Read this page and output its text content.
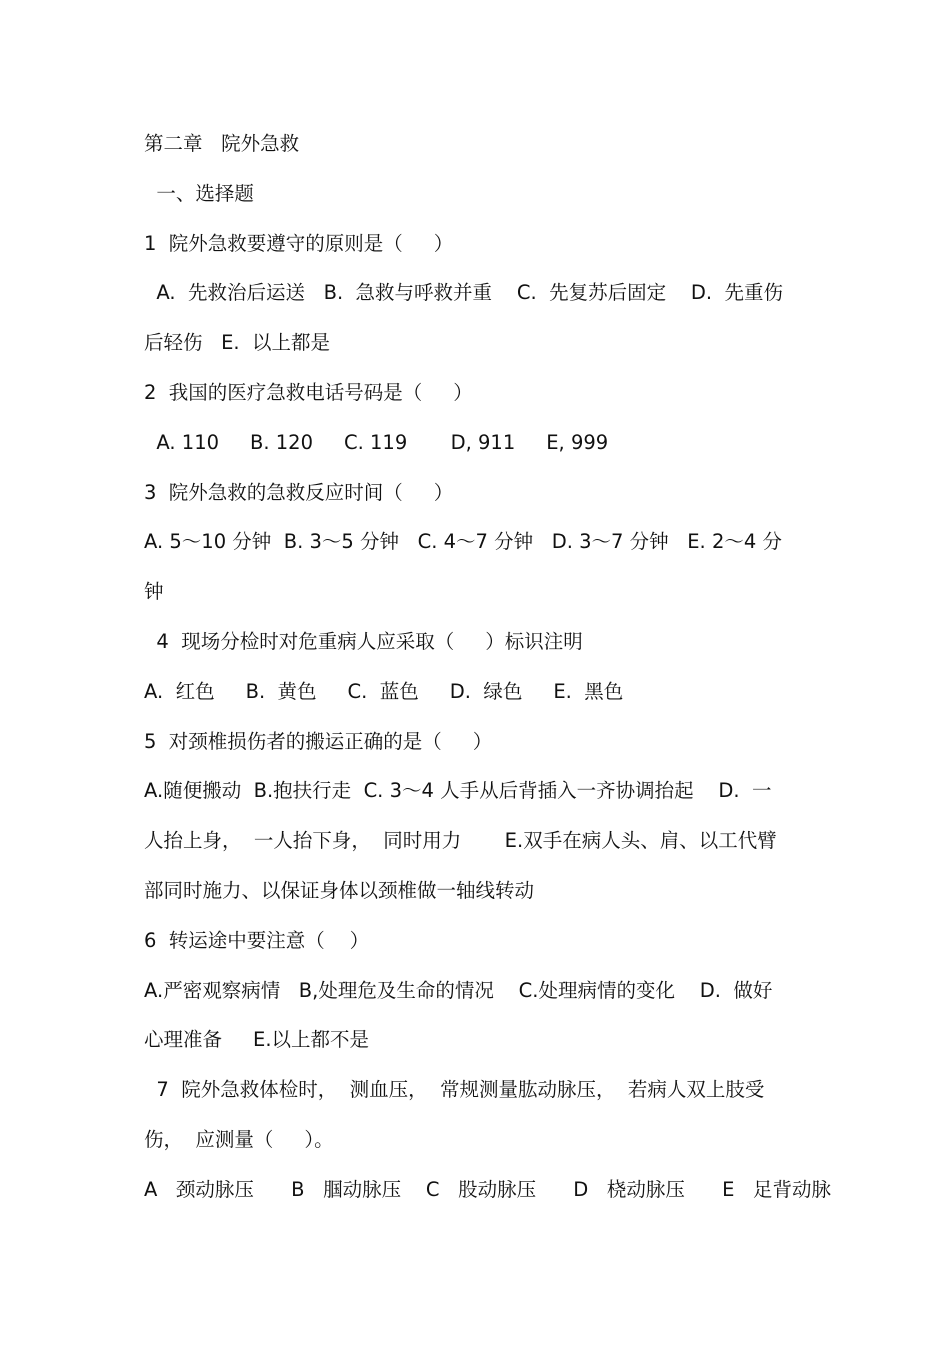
第二章   院外急救
一、选择题
1  院外急救要遵守的原则是（     ）
A.  先救治后运送   B.  急救与呼救并重    C.  先复苏后固定    D.  先重伤
后轻伤   E.  以上都是
2  我国的医疗急救电话号码是（     ）
A. 110     B. 120     C. 119       D, 911     E, 999
3  院外急救的急救反应时间（     ）
A. 5～10 分钟  B. 3～5 分钟   C. 4～7 分钟   D. 3～7 分钟   E. 2～4 分
钟
4  现场分检时对危重病人应采取（     ）标识注明
A.  红色     B.  黄色     C.  蓝色     D.  绿色     E.  黑色
5  对颈椎损伤者的搬运正确的是（     ）
A.随便搬动  B.抱扶行走  C. 3～4 人手从后背插入一齐协调抬起    D.  一
人抬上身，  一人抬下身，  同时用力       E.双手在病人头、肩、以工代臂
部同时施力、以保证身体以颈椎做一轴线转动
6  转运途中要注意（    ）
A.严密观察病情   B,处理危及生命的情况    C.处理病情的变化    D.  做好
心理准备     E.以上都不是
7  院外急救体检时，  测血压，  常规测量肱动脉压，  若病人双上肢受
伤，  应测量（     ）。
A   颈动脉压      B   腘动脉压    C   股动脉压      D   桡动脉压      E   足背动脉
